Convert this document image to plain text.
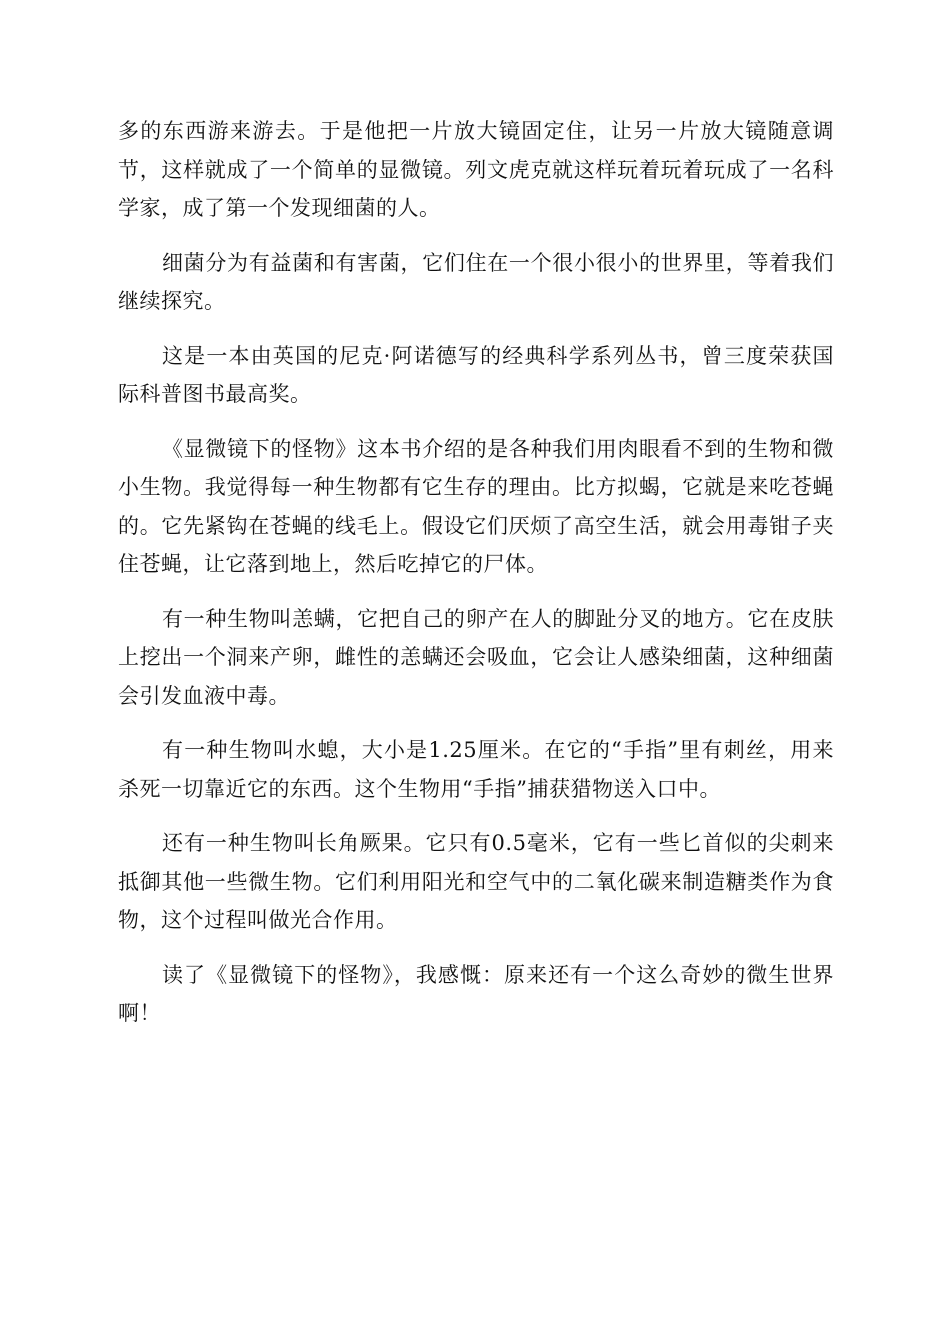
多的东西游来游去。于是他把一片放大镜固定住，让另一片放大镜随意调节，这样就成了一个简单的显微镜。列文虎克就这样玩着玩着玩成了一名科学家，成了第一个发现细菌的人。

细菌分为有益菌和有害菌，它们住在一个很小很小的世界里，等着我们继续探究。

这是一本由英国的尼克·阿诺德写的经典科学系列丛书，曾三度荣获国际科普图书最高奖。

《显微镜下的怪物》这本书介绍的是各种我们用肉眼看不到的生物和微小生物。我觉得每一种生物都有它生存的理由。比方拟蝎，它就是来吃苍蝇的。它先紧钩在苍蝇的线毛上。假设它们厌烦了高空生活，就会用毒钳子夹住苍蝇，让它落到地上，然后吃掉它的尸体。

有一种生物叫恙螨，它把自己的卵产在人的脚趾分叉的地方。它在皮肤上挖出一个洞来产卵，雌性的恙螨还会吸血，它会让人感染细菌，这种细菌会引发血液中毒。

有一种生物叫水螅，大小是1.25厘米。在它的“手指”里有刺丝，用来杀死一切靠近它的东西。这个生物用“手指”捕获猎物送入口中。

还有一种生物叫长角厥果。它只有0.5毫米，它有一些匕首似的尖刺来抵御其他一些微生物。它们利用阳光和空气中的二氧化碳来制造糖类作为食物，这个过程叫做光合作用。

读了《显微镜下的怪物》，我感慨：原来还有一个这么奇妙的微生世界啊！
